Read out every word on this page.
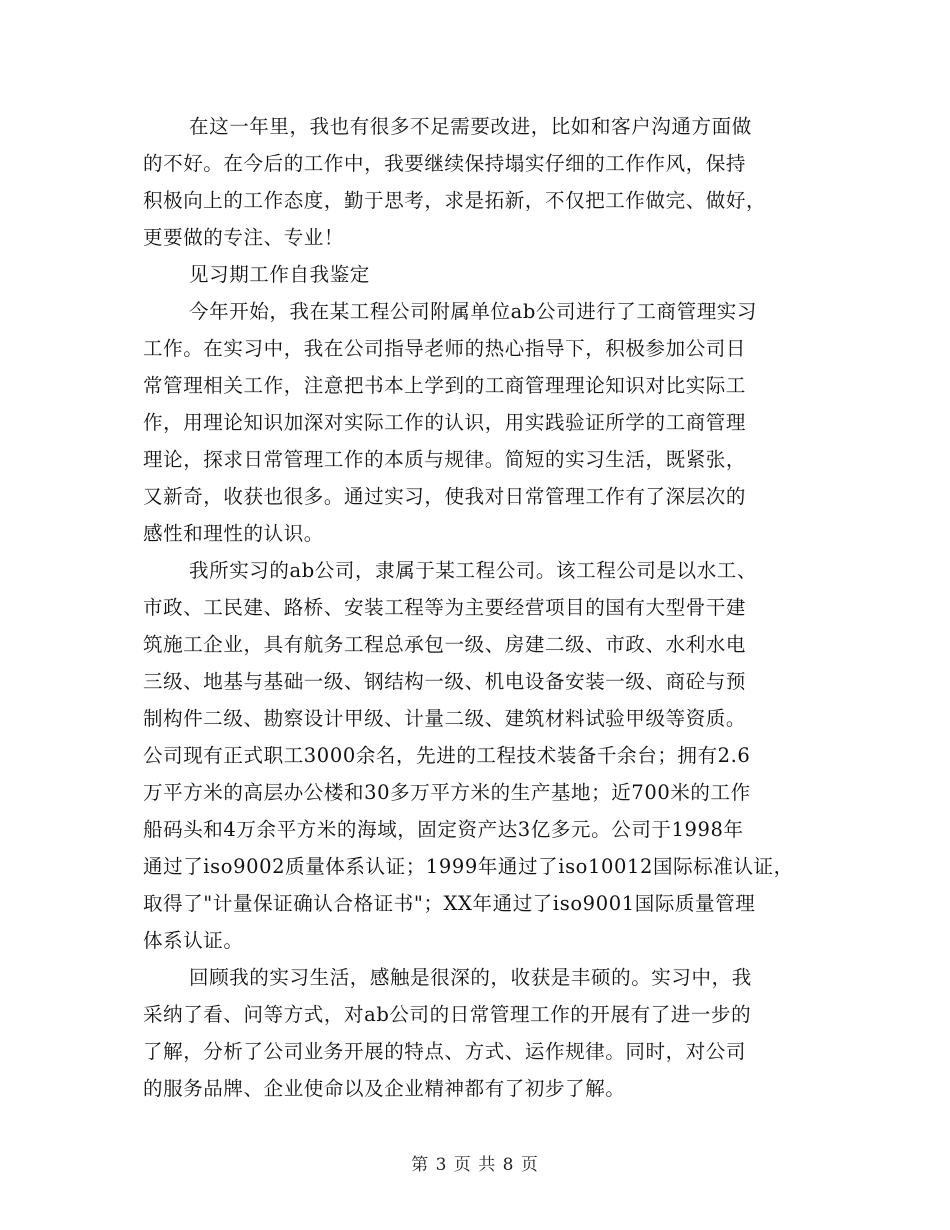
在这一年里，我也有很多不足需要改进，比如和客户沟通方面做
的不好。在今后的工作中，我要继续保持塌实仔细的工作作风，保持
积极向上的工作态度，勤于思考，求是拓新，不仅把工作做完、做好，
更要做的专注、专业！
见习期工作自我鉴定
今年开始，我在某工程公司附属单位ab公司进行了工商管理实习
工作。在实习中，我在公司指导老师的热心指导下，积极参加公司日
常管理相关工作，注意把书本上学到的工商管理理论知识对比实际工
作，用理论知识加深对实际工作的认识，用实践验证所学的工商管理
理论，探求日常管理工作的本质与规律。简短的实习生活，既紧张，
又新奇，收获也很多。通过实习，使我对日常管理工作有了深层次的
感性和理性的认识。
我所实习的ab公司，隶属于某工程公司。该工程公司是以水工、
市政、工民建、路桥、安装工程等为主要经营项目的国有大型骨干建
筑施工企业，具有航务工程总承包一级、房建二级、市政、水利水电
三级、地基与基础一级、钢结构一级、机电设备安装一级、商砼与预
制构件二级、勘察设计甲级、计量二级、建筑材料试验甲级等资质。
公司现有正式职工3000余名，先进的工程技术装备千余台；拥有2.6
万平方米的高层办公楼和30多万平方米的生产基地；近700米的工作
船码头和4万余平方米的海域，固定资产达3亿多元。公司于1998年
通过了iso9002质量体系认证；1999年通过了iso10012国际标准认证，
取得了"计量保证确认合格证书"；XX年通过了iso9001国际质量管理
体系认证。
回顾我的实习生活，感触是很深的，收获是丰硕的。实习中，我
采纳了看、问等方式，对ab公司的日常管理工作的开展有了进一步的
了解，分析了公司业务开展的特点、方式、运作规律。同时，对公司
的服务品牌、企业使命以及企业精神都有了初步了解。
第 3 页 共 8 页
